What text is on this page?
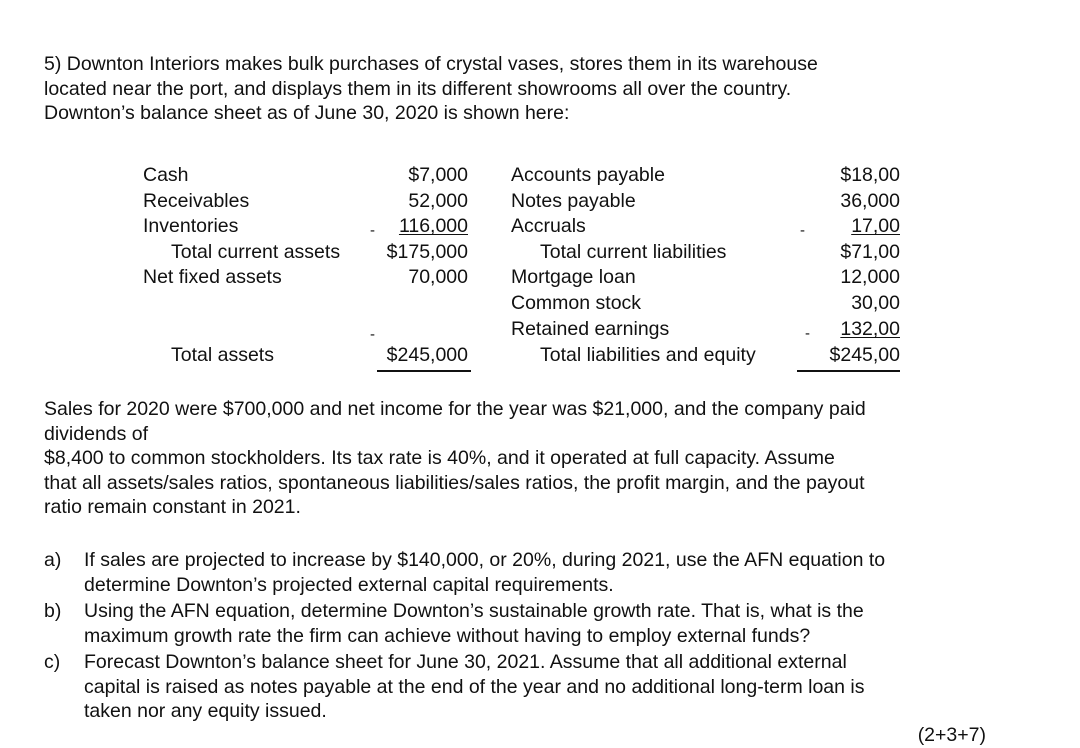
5) Downton Interiors makes bulk purchases of crystal vases, stores them in its warehouse
located near the port, and displays them in its different showrooms all over the country.
Downton’s balance sheet as of June 30, 2020 is shown here:
Cash	$7,000
Receivables	52,000
Inventories	- 116,000
Total current assets $175,000
Net fixed assets	70,000
-
Total assets	$245,000
Accounts payable	$18,00
Notes payable	36,000
Accruals	- 17,00
Total current liabilities	$71,00
Mortgage loan	12,000
Common stock	30,00
Retained earnings	- 132,00
Total liabilities and equity	$245,00
Sales for 2020 were $700,000 and net income for the year was $21,000, and the company paid
dividends of
$8,400 to common stockholders. Its tax rate is 40%, and it operated at full capacity. Assume
that all assets/sales ratios, spontaneous liabilities/sales ratios, the profit margin, and the payout
ratio remain constant in 2021.
a) If sales are projected to increase by $140,000, or 20%, during 2021, use the AFN equation to
determine Downton’s projected external capital requirements.
b) Using the AFN equation, determine Downton’s sustainable growth rate. That is, what is the
maximum growth rate the firm can achieve without having to employ external funds?
c) Forecast Downton’s balance sheet for June 30, 2021. Assume that all additional external
capital is raised as notes payable at the end of the year and no additional long-term loan is
taken nor any equity issued.
(2+3+7)
